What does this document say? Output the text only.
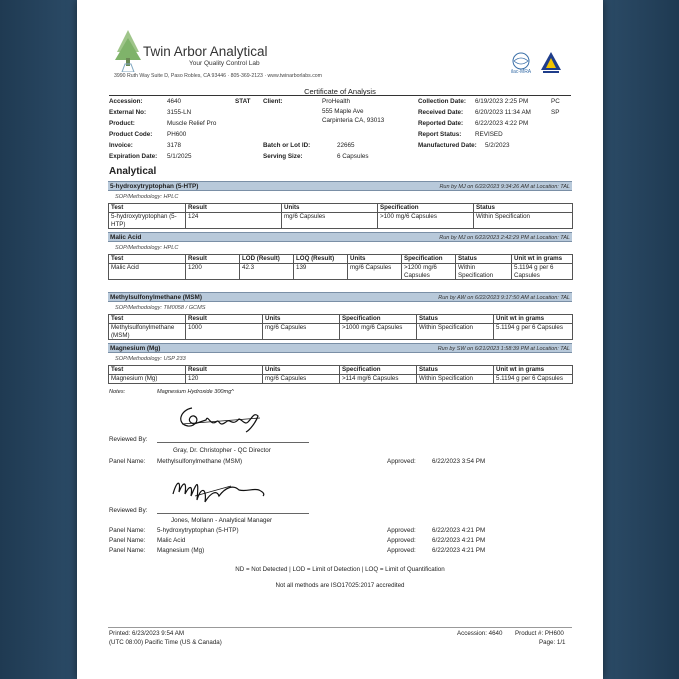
Twin Arbor Analytical
Your Quality Control Lab
3990 Ruth Way Suite D, Paso Robles, CA 93446 · 805-369-2123 · www.twinarborlabs.com
ilac-MRA
Certificate of Analysis
Accession:	4640	STAT Client:	ProHealth
555 Maple Ave
Carpinteria CA, 93013
Collection Date: 6/19/2023 2:25 PM	PC
External No:	3155-LN	Received Date: 6/20/2023 11:34 AM	SP
Product:	Muscle Relief Pro	Reported Date: 6/22/2023 4:22 PM
Product Code: PH600	Report Status: REVISED
Invoice:	3178	Batch or Lot ID:	22665	Manufactured Date: 5/2/2023
Expiration Date: 5/1/2025	Serving Size:	6 Capsules
Analytical
5-hydroxytryptophan (5-HTP)	Run by MJ on 6/22/2023 9:34:26 AM at Location: TAL
SOP/Methodology: HPLC
Test	Result	Units	Specification	Status
5-hydroxytryptophan (5-HTP)	124	mg/6 Capsules	>100 mg/6 Capsules	Within Specification
Malic Acid	Run by MJ on 6/22/2023 2:42:29 PM at Location: TAL
SOP/Methodology: HPLC
Test	Result	LOD (Result)	LOQ (Result)	Units	Specification	Status	Unit wt in grams
Malic Acid	1200	42.3	139	mg/6 Capsules	>1200 mg/6 Capsules	Within Specification	5.1194 g per 6 Capsules
Methylsulfonylmethane (MSM)	Run by AW on 6/22/2023 9:17:50 AM at Location: TAL
SOP/Methodology: TM0058 / GCMS
Test	Result	Units	Specification	Status	Unit wt in grams
Methylsulfonylmethane (MSM)	1000	mg/6 Capsules	>1000 mg/6 Capsules	Within Specification	5.1194 g per 6 Capsules
Magnesium (Mg)	Run by SW on 6/21/2023 1:58:39 PM at Location: TAL
SOP/Methodology: USP 233
Test	Result	Units	Specification	Status	Unit wt in grams
Magnesium (Mg)	120	mg/6 Capsules	>114 mg/6 Capsules	Within Specification	5.1194 g per 6 Capsules
Notes:	Magnesium Hydroxide 300mg^
Reviewed By:
Gray, Dr. Christopher - QC Director
Panel Name: Methylsulfonylmethane (MSM)	Approved:	6/22/2023 3:54 PM
Reviewed By:
Jones, Mollann - Analytical Manager
Panel Name: 5-hydroxytryptophan (5-HTP)	Approved:	6/22/2023 4:21 PM
Panel Name: Malic Acid	Approved:	6/22/2023 4:21 PM
Panel Name: Magnesium (Mg)	Approved:	6/22/2023 4:21 PM
ND = Not Detected | LOD = Limit of Detection | LOQ = Limit of Quantification
Not all methods are ISO17025:2017 accredited
Printed: 6/23/2023 9:54 AM
(UTC 08:00) Pacific Time (US & Canada)
Accession: 4640 Product #: PH600
Page: 1/1
